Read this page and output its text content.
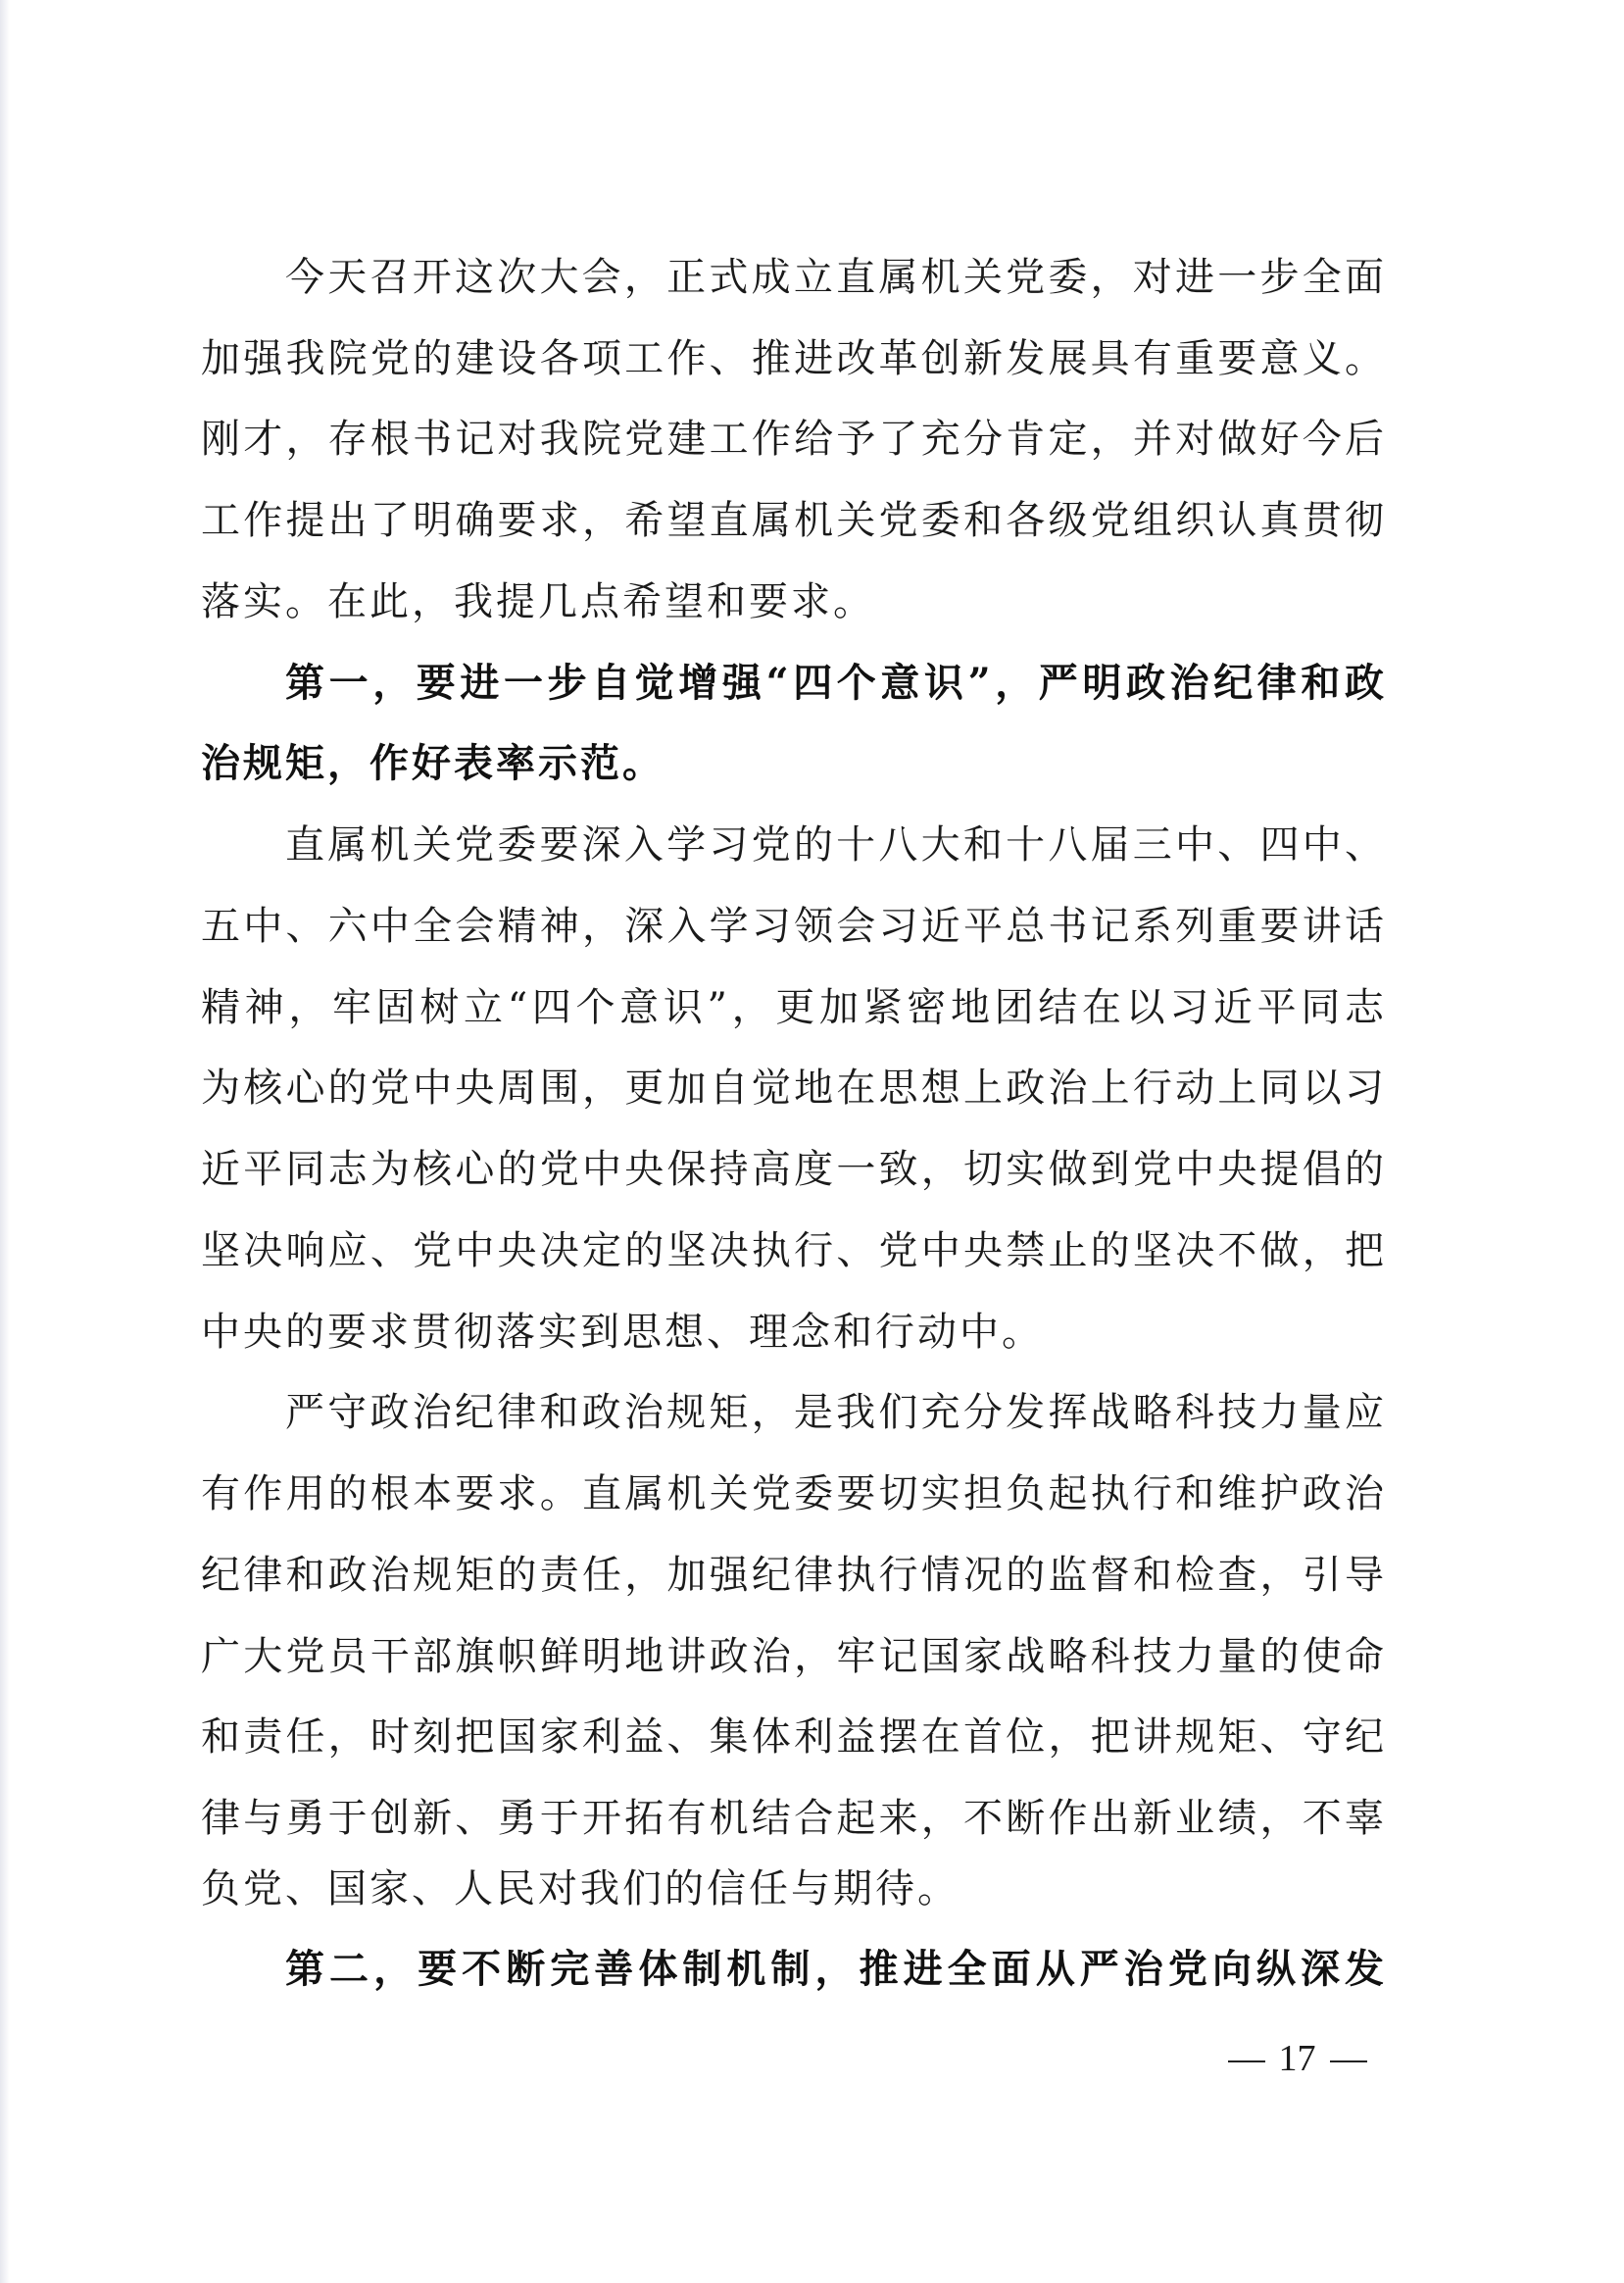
今天召开这次大会，正式成立直属机关党委，对进一步全面
加强我院党的建设各项工作、推进改革创新发展具有重要意义。
刚才，存根书记对我院党建工作给予了充分肯定，并对做好今后
工作提出了明确要求，希望直属机关党委和各级党组织认真贯彻
落实。在此，我提几点希望和要求。
第一，要进一步自觉增强“四个意识”，严明政治纪律和政
治规矩，作好表率示范。
直属机关党委要深入学习党的十八大和十八届三中、四中、
五中、六中全会精神，深入学习领会习近平总书记系列重要讲话
精神，牢固树立“四个意识”，更加紧密地团结在以习近平同志
为核心的党中央周围，更加自觉地在思想上政治上行动上同以习
近平同志为核心的党中央保持高度一致，切实做到党中央提倡的
坚决响应、党中央决定的坚决执行、党中央禁止的坚决不做，把
中央的要求贯彻落实到思想、理念和行动中。
严守政治纪律和政治规矩，是我们充分发挥战略科技力量应
有作用的根本要求。直属机关党委要切实担负起执行和维护政治
纪律和政治规矩的责任，加强纪律执行情况的监督和检查，引导
广大党员干部旗帜鲜明地讲政治，牢记国家战略科技力量的使命
和责任，时刻把国家利益、集体利益摆在首位，把讲规矩、守纪
律与勇于创新、勇于开拓有机结合起来，不断作出新业绩，不辜
负党、国家、人民对我们的信任与期待。
第二，要不断完善体制机制，推进全面从严治党向纵深发
17
